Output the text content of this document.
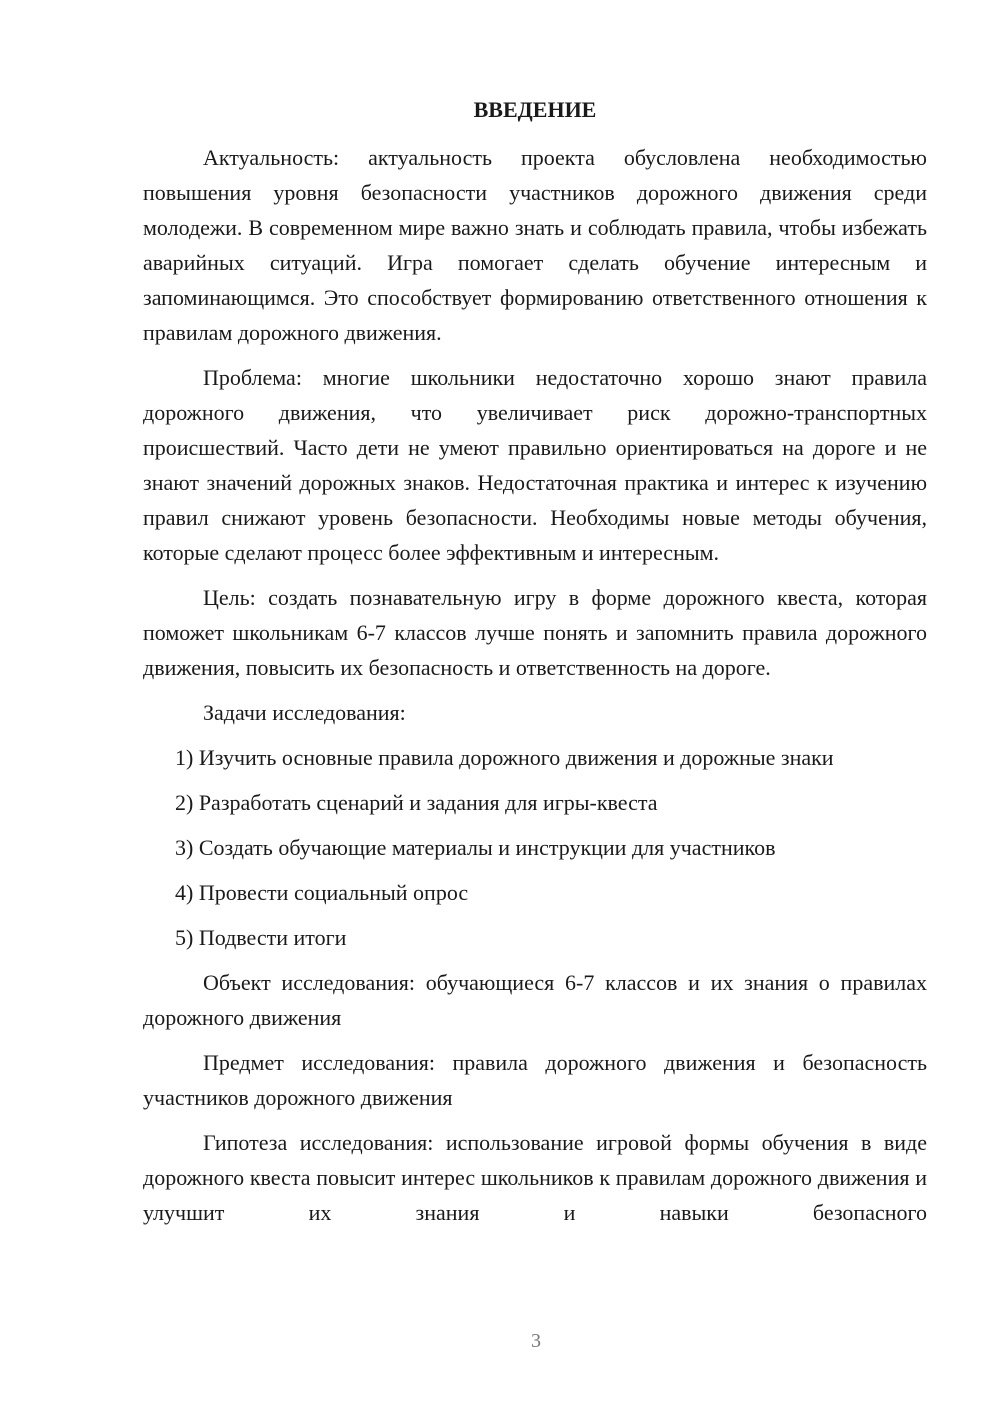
ВВЕДЕНИЕ

Актуальность: актуальность проекта обусловлена необходимостью повышения уровня безопасности участников дорожного движения среди молодежи. В современном мире важно знать и соблюдать правила, чтобы избежать аварийных ситуаций. Игра помогает сделать обучение интересным и запоминающимся. Это способствует формированию ответственного отношения к правилам дорожного движения.

Проблема: многие школьники недостаточно хорошо знают правила дорожного движения, что увеличивает риск дорожно-транспортных происшествий. Часто дети не умеют правильно ориентироваться на дороге и не знают значений дорожных знаков. Недостаточная практика и интерес к изучению правил снижают уровень безопасности. Необходимы новые методы обучения, которые сделают процесс более эффективным и интересным.

Цель: создать познавательную игру в форме дорожного квеста, которая поможет школьникам 6-7 классов лучше понять и запомнить правила дорожного движения, повысить их безопасность и ответственность на дороге.

Задачи исследования:

1) Изучить основные правила дорожного движения и дорожные знаки
2) Разработать сценарий и задания для игры-квеста
3) Создать обучающие материалы и инструкции для участников
4) Провести социальный опрос
5) Подвести итоги

Объект исследования: обучающиеся 6-7 классов и их знания о правилах дорожного движения

Предмет исследования: правила дорожного движения и безопасность участников дорожного движения

Гипотеза исследования: использование игровой формы обучения в виде дорожного квеста повысит интерес школьников к правилам дорожного движения и улучшит их знания и навыки безопасного

3
